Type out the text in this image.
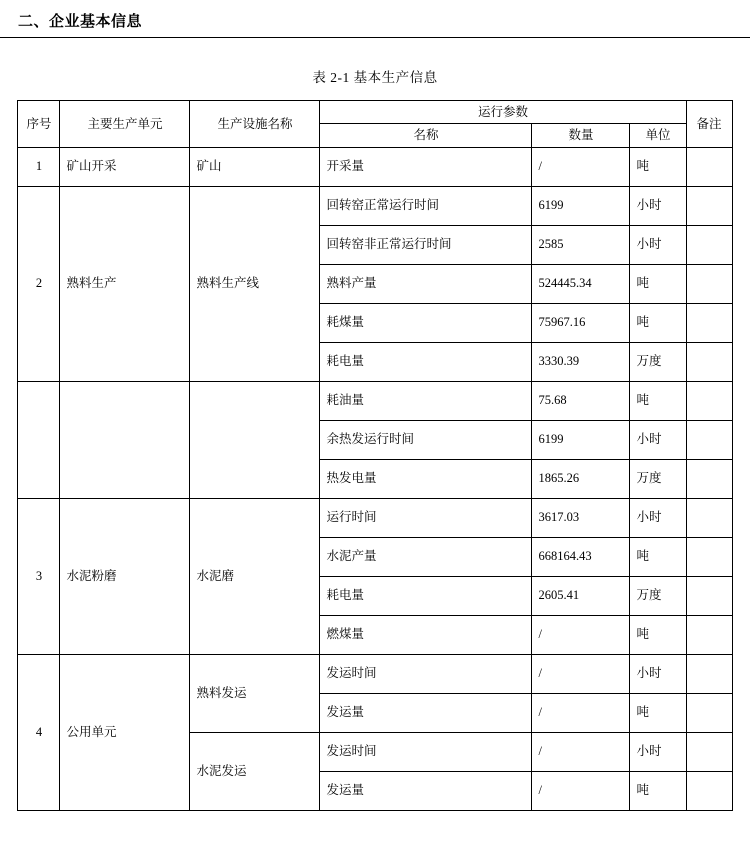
二、企业基本信息
表 2-1 基本生产信息
序号	主要生产单元	生产设施名称	运行参数			备注
			名称	数量	单位	
1	矿山开采	矿山	开采量	/	吨	
2	熟料生产	熟料生产线	回转窑正常运行时间	6199	小时	
			回转窑非正常运行时间	2585	小时	
			熟料产量	524445.34	吨	
			耗煤量	75967.16	吨	
			耗电量	3330.39	万度	
			耗油量	75.68	吨	
			余热发运行时间	6199	小时	
			热发电量	1865.26	万度	
3	水泥粉磨	水泥磨	运行时间	3617.03	小时	
			水泥产量	668164.43	吨	
			耗电量	2605.41	万度	
			燃煤量	/	吨	
4	公用单元	熟料发运	发运时间	/	小时	
			发运量	/	吨	
		水泥发运	发运时间	/	小时	
			发运量	/	吨	
